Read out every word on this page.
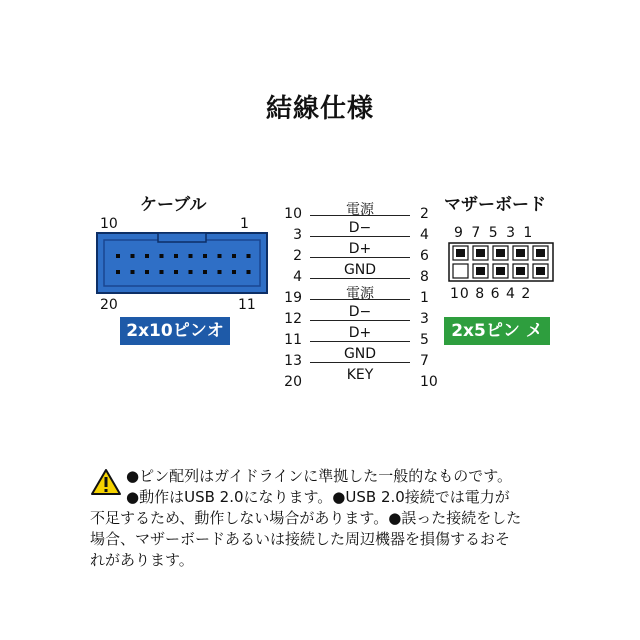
結線仕様
ケーブル
10	1
20	11
2x10ピンオス
10	電源	2
3	D−	4
2	D+	6
4	GND	8
19	電源	1
12	D−	3
11	D+	5
13	GND	7
20	KEY	10
マザーボード
9 7 5 3 1
10 8 6 4 2
2x5ピン メス
●ピン配列はガイドラインに準拠した一般的なものです。
●動作はUSB 2.0になります。●USB 2.0接続では電力が
不足するため、動作しない場合があります。●誤った接続をした
場合、マザーボードあるいは接続した周辺機器を損傷するおそ
れがあります。
